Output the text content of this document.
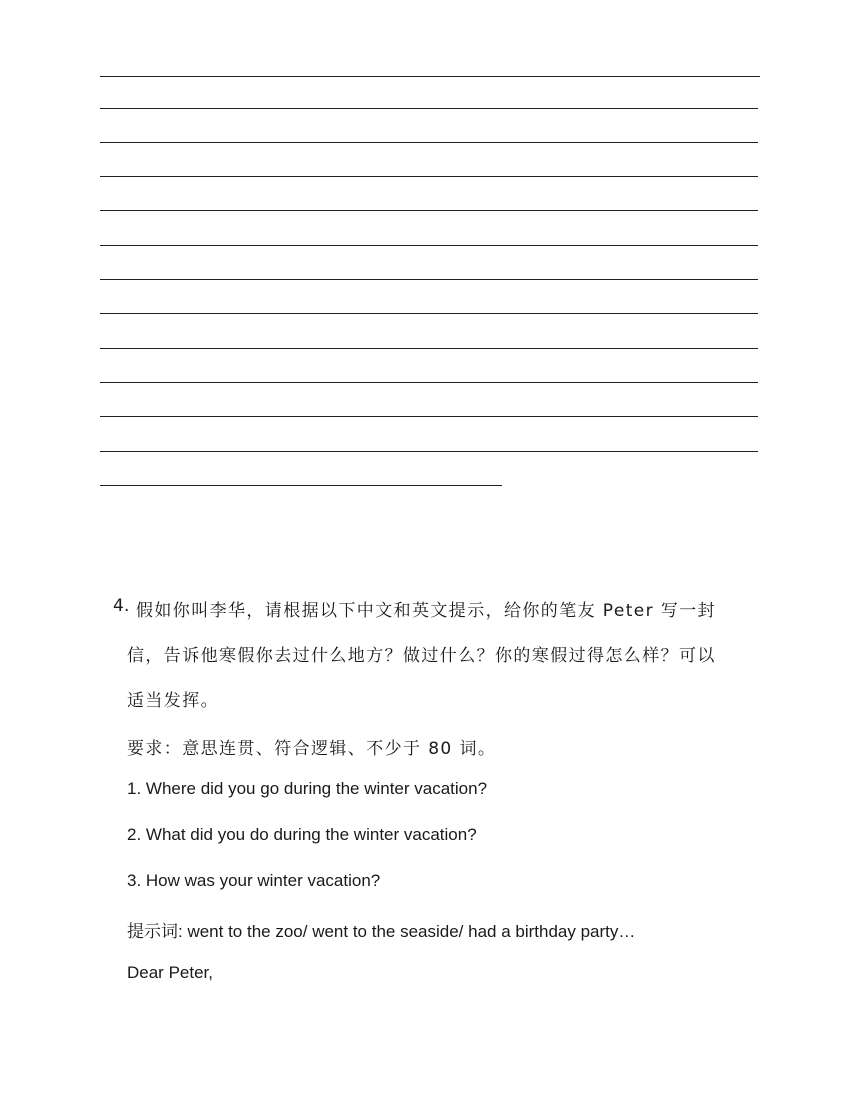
4. 假如你叫李华，请根据以下中文和英文提示，给你的笔友 Peter 写一封
信，告诉他寒假你去过什么地方？做过什么？你的寒假过得怎么样？可以
适当发挥。
要求：意思连贯、符合逻辑、不少于 80 词。
1. Where did you go during the winter vacation?
2. What did you do during the winter vacation?
3. How was your winter vacation?
提示词: went to the zoo/ went to the seaside/ had a birthday party…
Dear Peter,
